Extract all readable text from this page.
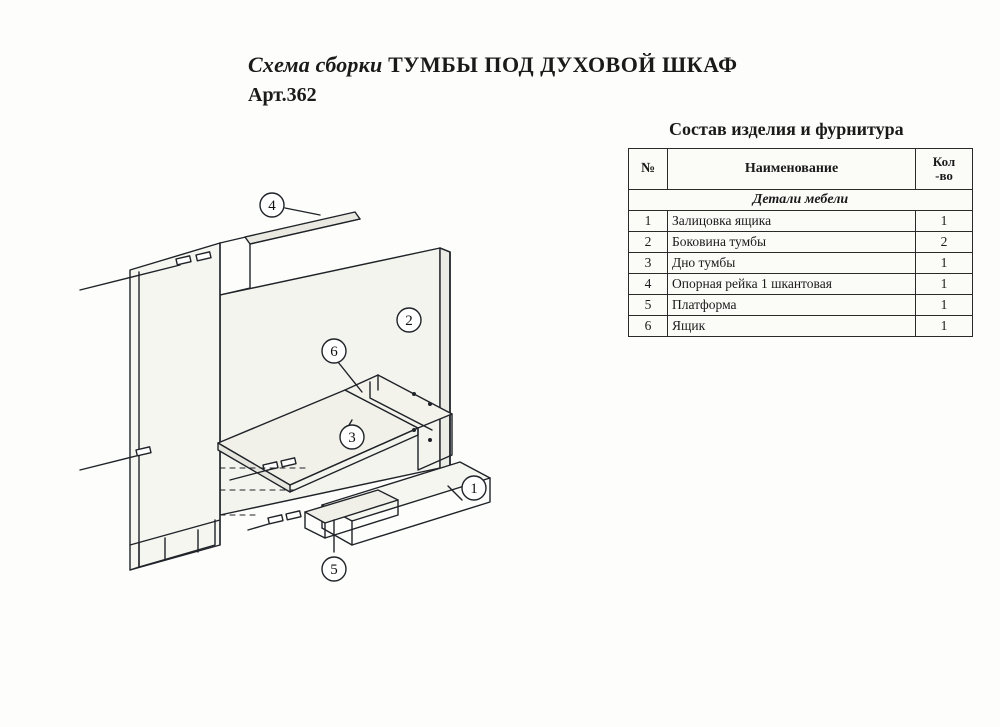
Схема сборки ТУМБЫ ПОД ДУХОВОЙ ШКАФ
Арт.362
Состав изделия и фурнитура
№	Наименование	Кол
-во

Детали мебели		
1	Залицовка ящика	1
2	Боковина тумбы	2
3	Дно тумбы	1
4	Опорная рейка 1 шкантовая	1
5	Платформа	1
6	Ящик	1
4
2
6
3
1
5
